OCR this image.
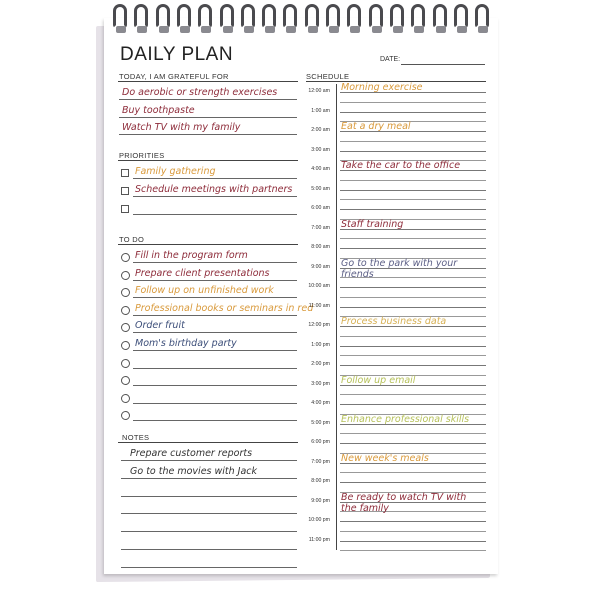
DAILY PLAN	DATE:
TODAY, I AM GRATEFUL FOR
PRIORITIES
TO DO
NOTES
SCHEDULE
Do aerobic or strength exercises
Buy toothpaste
Watch TV with my family
Family gathering
Schedule meetings with partners
Fill in the program form
Prepare client presentations
Follow up on unfinished work
Professional books or seminars in red
Order fruit
Mom's birthday party
Prepare customer reports
Go to the movies with Jack
12:00 am
1:00 am
2:00 am
3:00 am
4:00 am
5:00 am
6:00 am
7:00 am
8:00 am
9:00 am
10:00 am
11:00 am
12:00 pm
1:00 pm
2:00 pm
3:00 pm
4:00 pm
5:00 pm
6:00 pm
7:00 pm
8:00 pm
9:00 pm
10:00 pm
11:00 pm
Morning exercise
Eat a dry meal
Take the car to the office
Staff training
Go to the park with your friends
Process business data
Follow up email
Enhance professional skills
New week's meals
Be ready to watch TV with the family
